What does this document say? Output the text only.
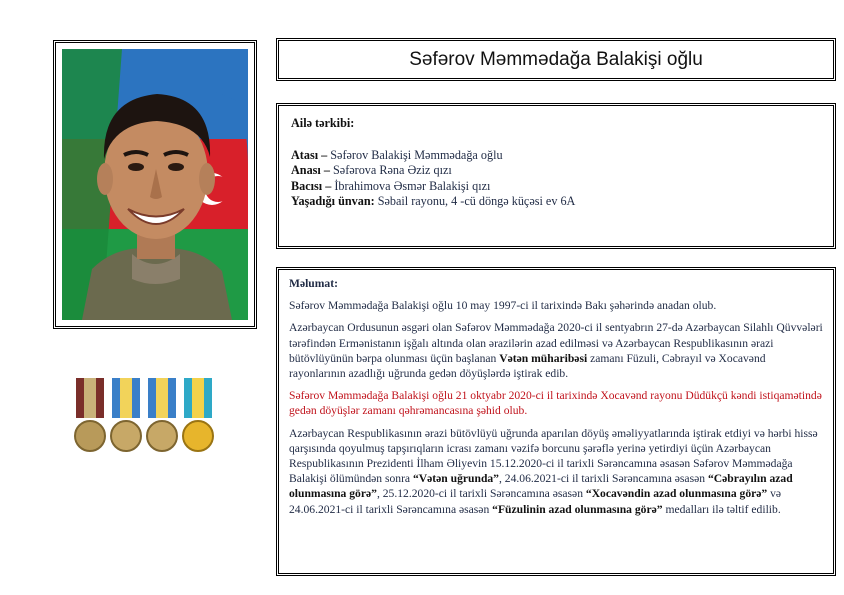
Səfərov Məmmədağa Balakişi oğlu
Ailə tərkibi:
Atası – Səfərov Balakişi Məmmədağa oğlu
Anası – Səfərova Rəna Əziz qızı
Bacısı – İbrahimova Əsmər Balakişi qızı
Yaşadığı ünvan: Səbail rayonu, 4 -cü döngə küçəsi ev 6A
Məlumat:

Səfərov Məmmədağa Balakişi oğlu 10 may 1997-ci il tarixində Bakı şəhərində anadan olub.

Azərbaycan Ordusunun əsgəri olan Səfərov Məmmədağa 2020-ci il sentyabrın 27-də Azərbaycan Silahlı Qüvvələri tərəfindən Ermənistanın işğalı altında olan ərazilərin azad edilməsi və Azərbaycan Respublikasının ərazi bütövlüyünün bərpa olunması üçün başlanan Vətən müharibəsi zamanı Füzuli, Cəbrayıl və Xocavənd rayonlarının azadlığı uğrunda gedən döyüşlərdə iştirak edib.

Səfərov Məmmədağa Balakişi oğlu 21 oktyabr 2020-ci il tarixində Xocavənd rayonu Düdükçü kəndi istiqamətində gedən döyüşlər zamanı qəhrəmancasına şəhid olub.

Azərbaycan Respublikasının ərazi bütövlüyü uğrunda aparılan döyüş əməliyyatlarında iştirak etdiyi və hərbi hissə qarşısında qoyulmuş tapşırıqların icrası zamanı vəzifə borcunu şərəflə yerinə yetirdiyi üçün Azərbaycan Respublikasının Prezidenti İlham Əliyevin 15.12.2020-ci il tarixli Sərəncamına əsasən Səfərov Məmmədağa Balakişi ölümündən sonra “Vətən uğrunda”, 24.06.2021-ci il tarixli Sərəncamına əsasən “Cəbrayılın azad olunmasına görə”, 25.12.2020-ci il tarixli Sərəncamına əsasən “Xocavəndin azad olunmasına görə” və 24.06.2021-ci il tarixli Sərəncamına əsasən “Füzulinin azad olunmasına görə” medalları ilə təltif edilib.
